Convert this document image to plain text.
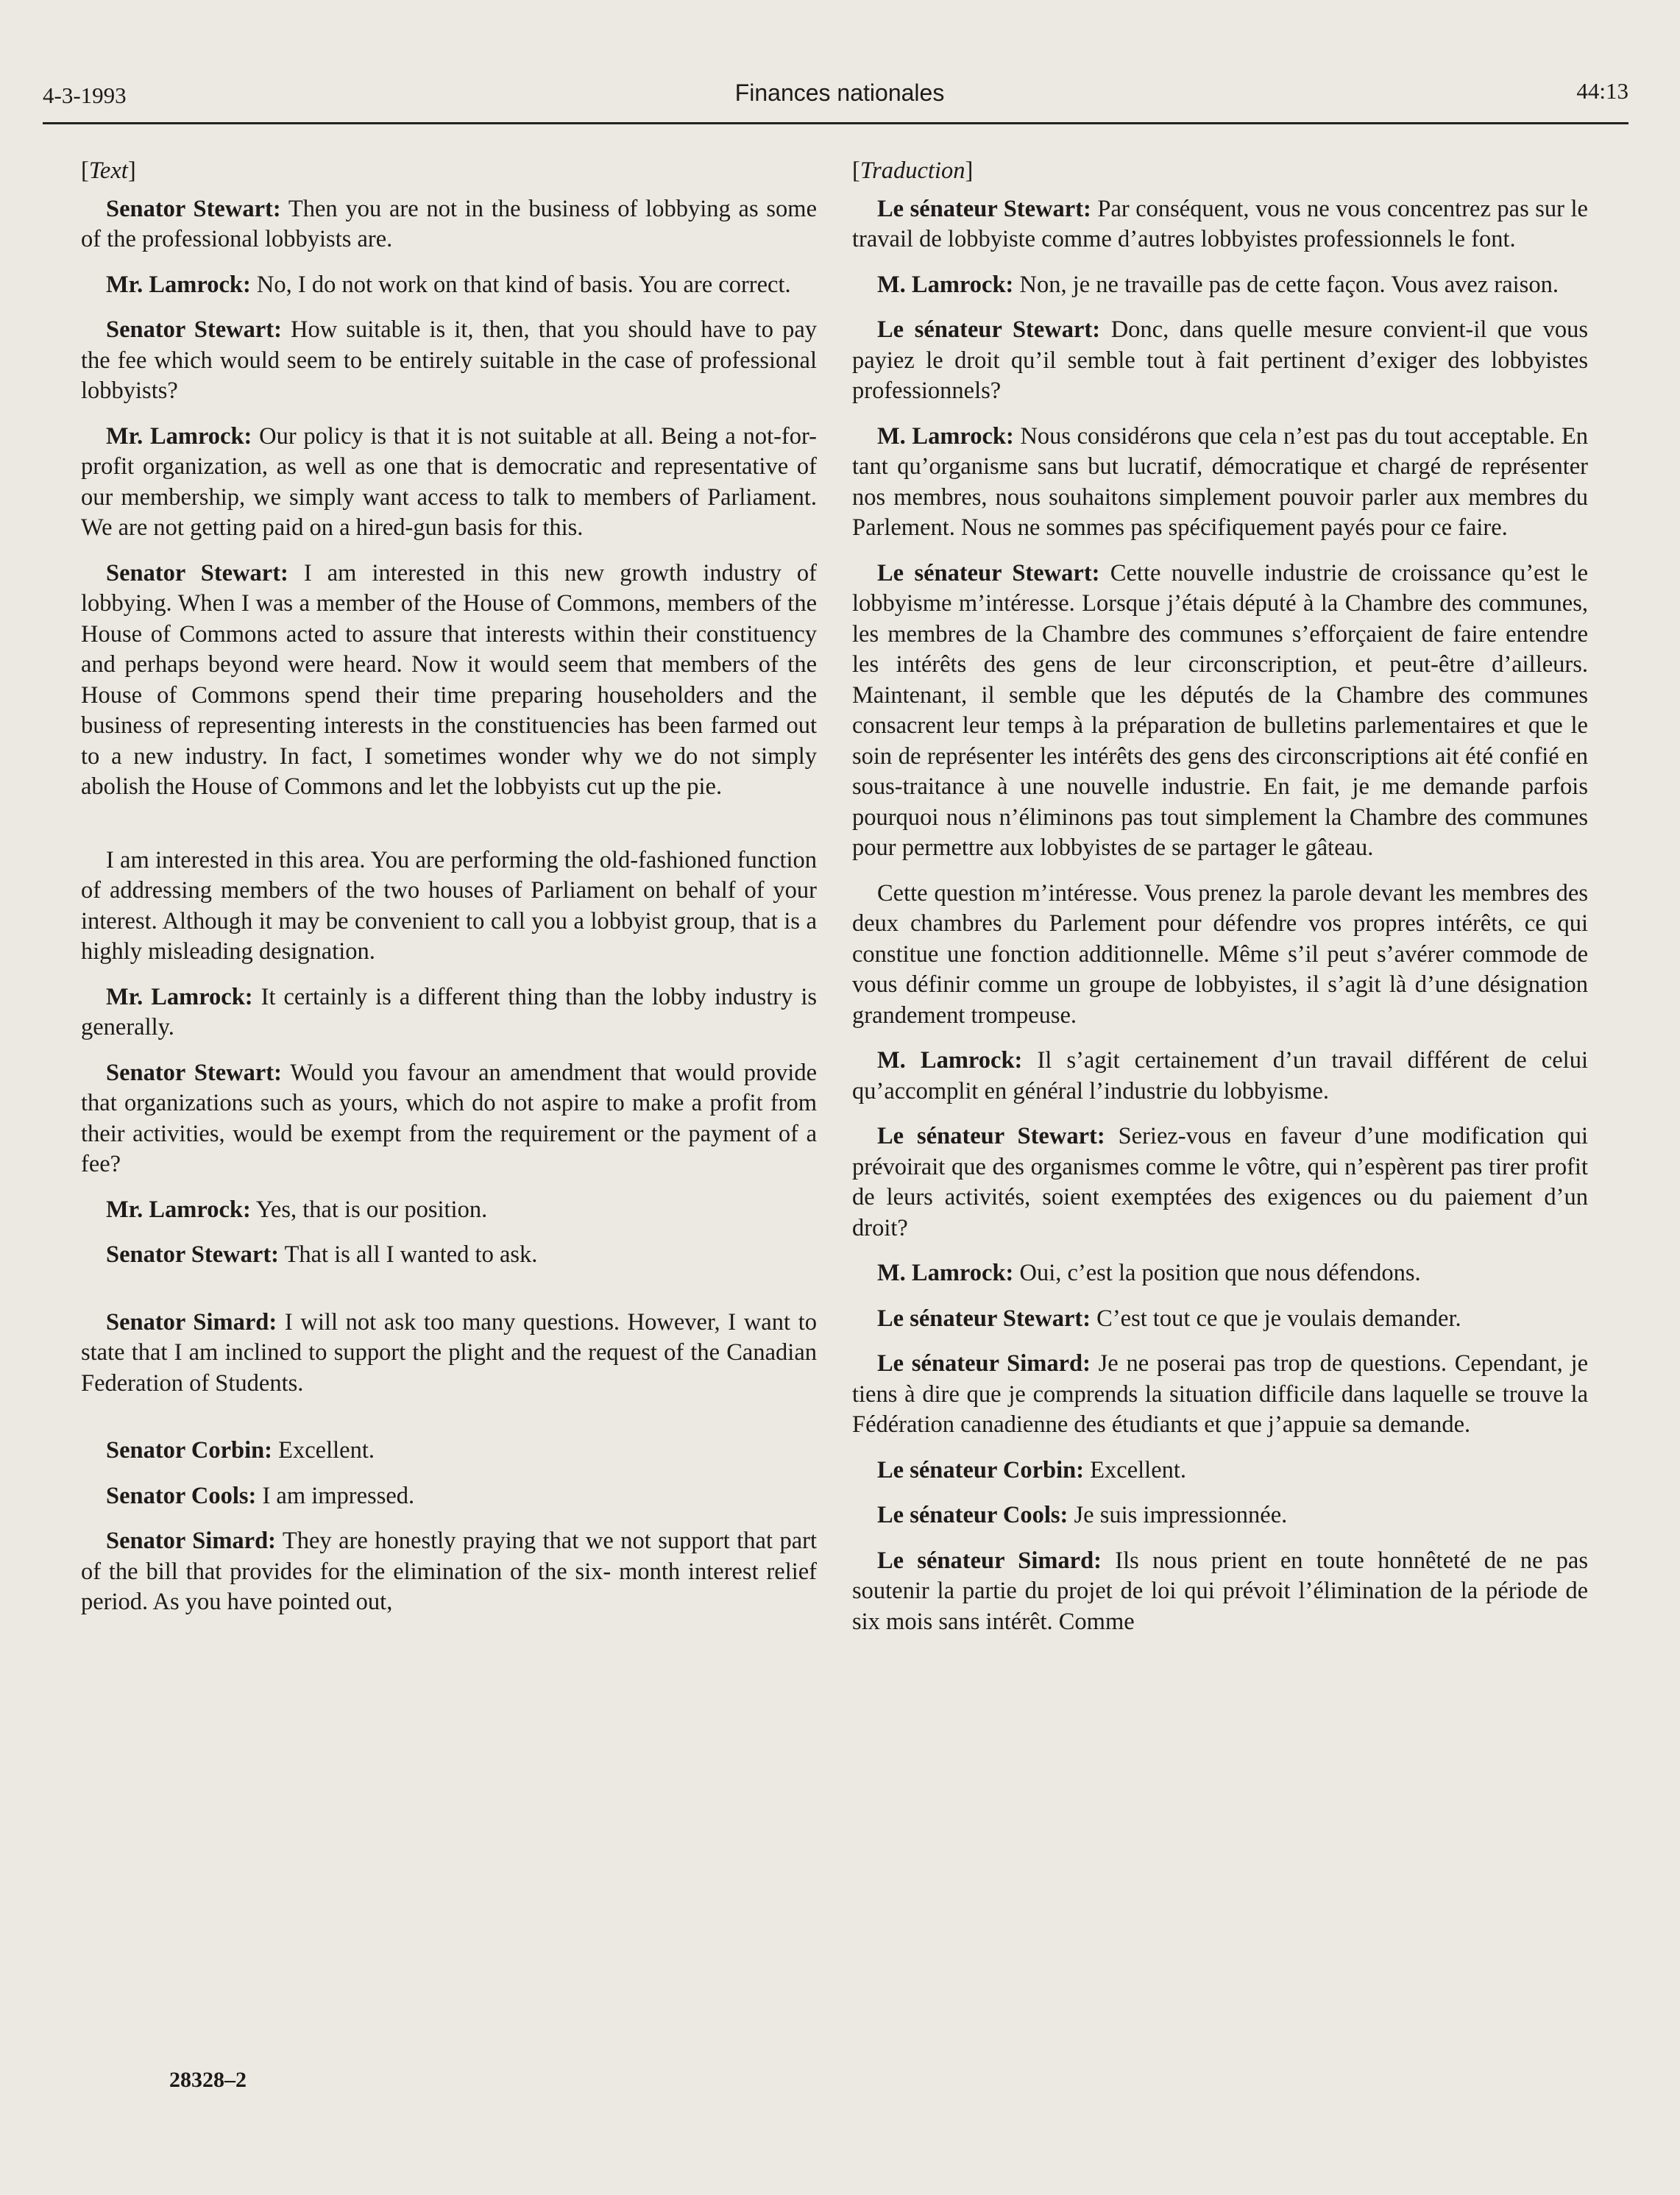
4-3-1993	Finances nationales	44:13

[Text]

Senator Stewart: Then you are not in the business of lobbying as some of the professional lobbyists are.

Mr. Lamrock: No, I do not work on that kind of basis. You are correct.

Senator Stewart: How suitable is it, then, that you should have to pay the fee which would seem to be entirely suitable in the case of professional lobbyists?

Mr. Lamrock: Our policy is that it is not suitable at all. Being a not-for-profit organization, as well as one that is democratic and representative of our membership, we simply want access to talk to members of Parliament. We are not getting paid on a hired-gun basis for this.

Senator Stewart: I am interested in this new growth industry of lobbying. When I was a member of the House of Commons, members of the House of Commons acted to assure that interests within their constituency and perhaps beyond were heard. Now it would seem that members of the House of Commons spend their time preparing householders and the business of representing interests in the constituencies has been farmed out to a new industry. In fact, I sometimes wonder why we do not simply abolish the House of Commons and let the lobbyists cut up the pie.

I am interested in this area. You are performing the old-fashioned function of addressing members of the two houses of Parliament on behalf of your interest. Although it may be convenient to call you a lobbyist group, that is a highly misleading designation.

Mr. Lamrock: It certainly is a different thing than the lobby industry is generally.

Senator Stewart: Would you favour an amendment that would provide that organizations such as yours, which do not aspire to make a profit from their activities, would be exempt from the requirement or the payment of a fee?

Mr. Lamrock: Yes, that is our position.

Senator Stewart: That is all I wanted to ask.

Senator Simard: I will not ask too many questions. However, I want to state that I am inclined to support the plight and the request of the Canadian Federation of Students.

Senator Corbin: Excellent.

Senator Cools: I am impressed.

Senator Simard: They are honestly praying that we not support that part of the bill that provides for the elimination of the six- month interest relief period. As you have pointed out,

[Traduction]

Le sénateur Stewart: Par conséquent, vous ne vous concentrez pas sur le travail de lobbyiste comme d’autres lobbyistes professionnels le font.

M. Lamrock: Non, je ne travaille pas de cette façon. Vous avez raison.

Le sénateur Stewart: Donc, dans quelle mesure convient-il que vous payiez le droit qu’il semble tout à fait pertinent d’exiger des lobbyistes professionnels?

M. Lamrock: Nous considérons que cela n’est pas du tout acceptable. En tant qu’organisme sans but lucratif, démocratique et chargé de représenter nos membres, nous souhaitons simplement pouvoir parler aux membres du Parlement. Nous ne sommes pas spécifiquement payés pour ce faire.

Le sénateur Stewart: Cette nouvelle industrie de croissance qu’est le lobbyisme m’intéresse. Lorsque j’étais député à la Chambre des communes, les membres de la Chambre des communes s’efforçaient de faire entendre les intérêts des gens de leur circonscription, et peut-être d’ailleurs. Maintenant, il semble que les députés de la Chambre des communes consacrent leur temps à la préparation de bulletins parlementaires et que le soin de représenter les intérêts des gens des circonscriptions ait été confié en sous-traitance à une nouvelle industrie. En fait, je me demande parfois pourquoi nous n’éliminons pas tout simplement la Chambre des communes pour permettre aux lobbyistes de se partager le gâteau.

Cette question m’intéresse. Vous prenez la parole devant les membres des deux chambres du Parlement pour défendre vos propres intérêts, ce qui constitue une fonction additionnelle. Même s’il peut s’avérer commode de vous définir comme un groupe de lobbyistes, il s’agit là d’une désignation grandement trompeuse.

M. Lamrock: Il s’agit certainement d’un travail différent de celui qu’accomplit en général l’industrie du lobbyisme.

Le sénateur Stewart: Seriez-vous en faveur d’une modification qui prévoirait que des organismes comme le vôtre, qui n’espèrent pas tirer profit de leurs activités, soient exemptées des exigences ou du paiement d’un droit?

M. Lamrock: Oui, c’est la position que nous défendons.

Le sénateur Stewart: C’est tout ce que je voulais demander.

Le sénateur Simard: Je ne poserai pas trop de questions. Cependant, je tiens à dire que je comprends la situation difficile dans laquelle se trouve la Fédération canadienne des étudiants et que j’appuie sa demande.

Le sénateur Corbin: Excellent.

Le sénateur Cools: Je suis impressionnée.

Le sénateur Simard: Ils nous prient en toute honnêteté de ne pas soutenir la partie du projet de loi qui prévoit l’élimination de la période de six mois sans intérêt. Comme

28328–2
